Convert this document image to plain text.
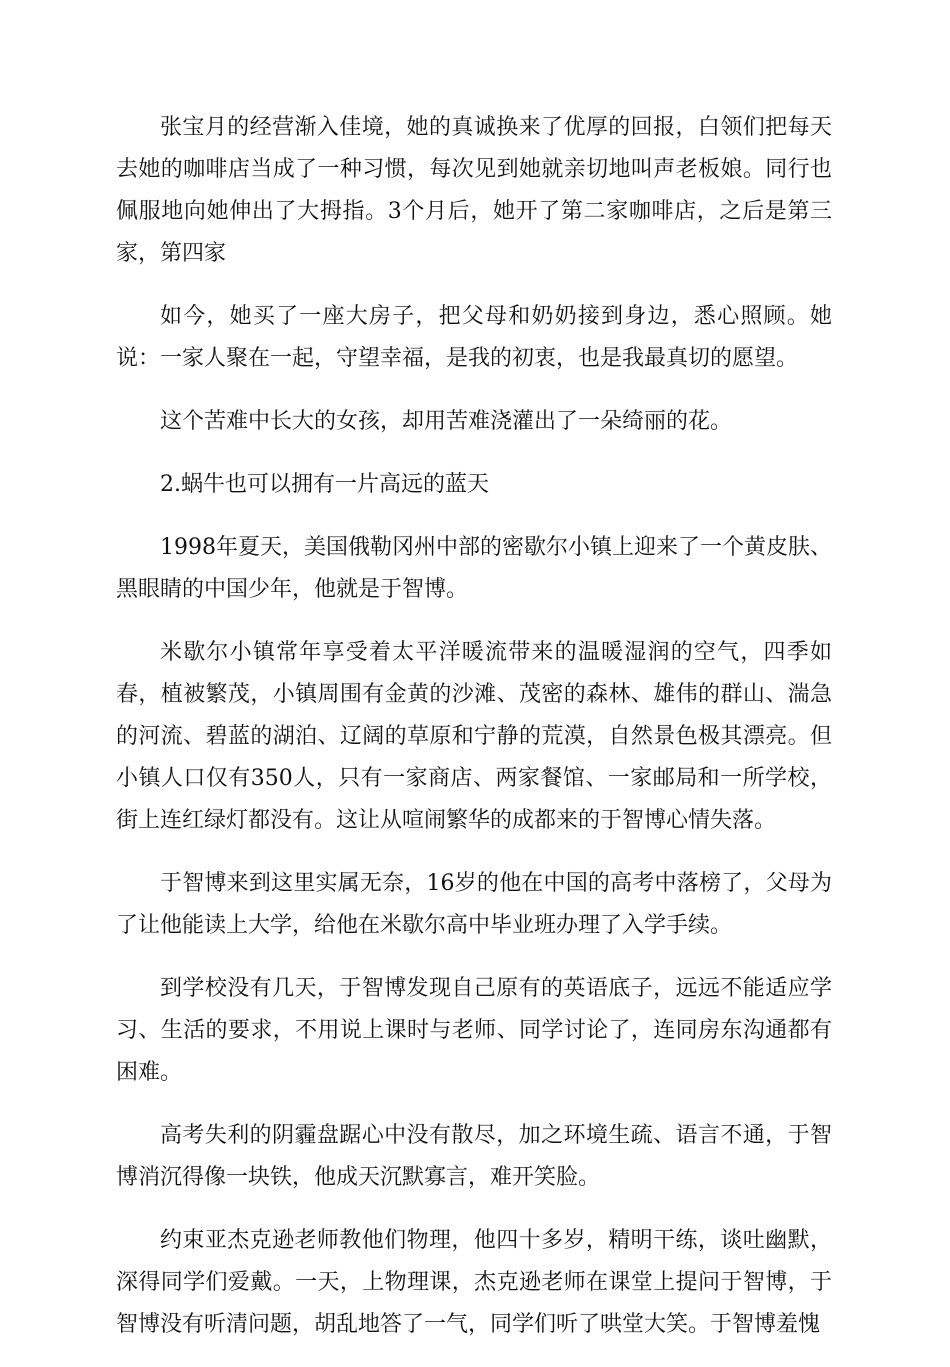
张宝月的经营渐入佳境，她的真诚换来了优厚的回报，白领们把每天去她的咖啡店当成了一种习惯，每次见到她就亲切地叫声老板娘。同行也佩服地向她伸出了大拇指。3个月后，她开了第二家咖啡店，之后是第三家，第四家

如今，她买了一座大房子，把父母和奶奶接到身边，悉心照顾。她说：一家人聚在一起，守望幸福，是我的初衷，也是我最真切的愿望。

这个苦难中长大的女孩，却用苦难浇灌出了一朵绮丽的花。

2.蜗牛也可以拥有一片高远的蓝天

1998年夏天，美国俄勒冈州中部的密歇尔小镇上迎来了一个黄皮肤、黑眼睛的中国少年，他就是于智博。

米歇尔小镇常年享受着太平洋暖流带来的温暖湿润的空气，四季如春，植被繁茂，小镇周围有金黄的沙滩、茂密的森林、雄伟的群山、湍急的河流、碧蓝的湖泊、辽阔的草原和宁静的荒漠，自然景色极其漂亮。但小镇人口仅有350人，只有一家商店、两家餐馆、一家邮局和一所学校，街上连红绿灯都没有。这让从喧闹繁华的成都来的于智博心情失落。

于智博来到这里实属无奈，16岁的他在中国的高考中落榜了，父母为了让他能读上大学，给他在米歇尔高中毕业班办理了入学手续。

到学校没有几天，于智博发现自己原有的英语底子，远远不能适应学习、生活的要求，不用说上课时与老师、同学讨论了，连同房东沟通都有困难。

高考失利的阴霾盘踞心中没有散尽，加之环境生疏、语言不通，于智博消沉得像一块铁，他成天沉默寡言，难开笑脸。

约束亚杰克逊老师教他们物理，他四十多岁，精明干练，谈吐幽默，深得同学们爱戴。一天，上物理课，杰克逊老师在课堂上提问于智博，于智博没有听清问题，胡乱地答了一气，同学们听了哄堂大笑。于智博羞愧
